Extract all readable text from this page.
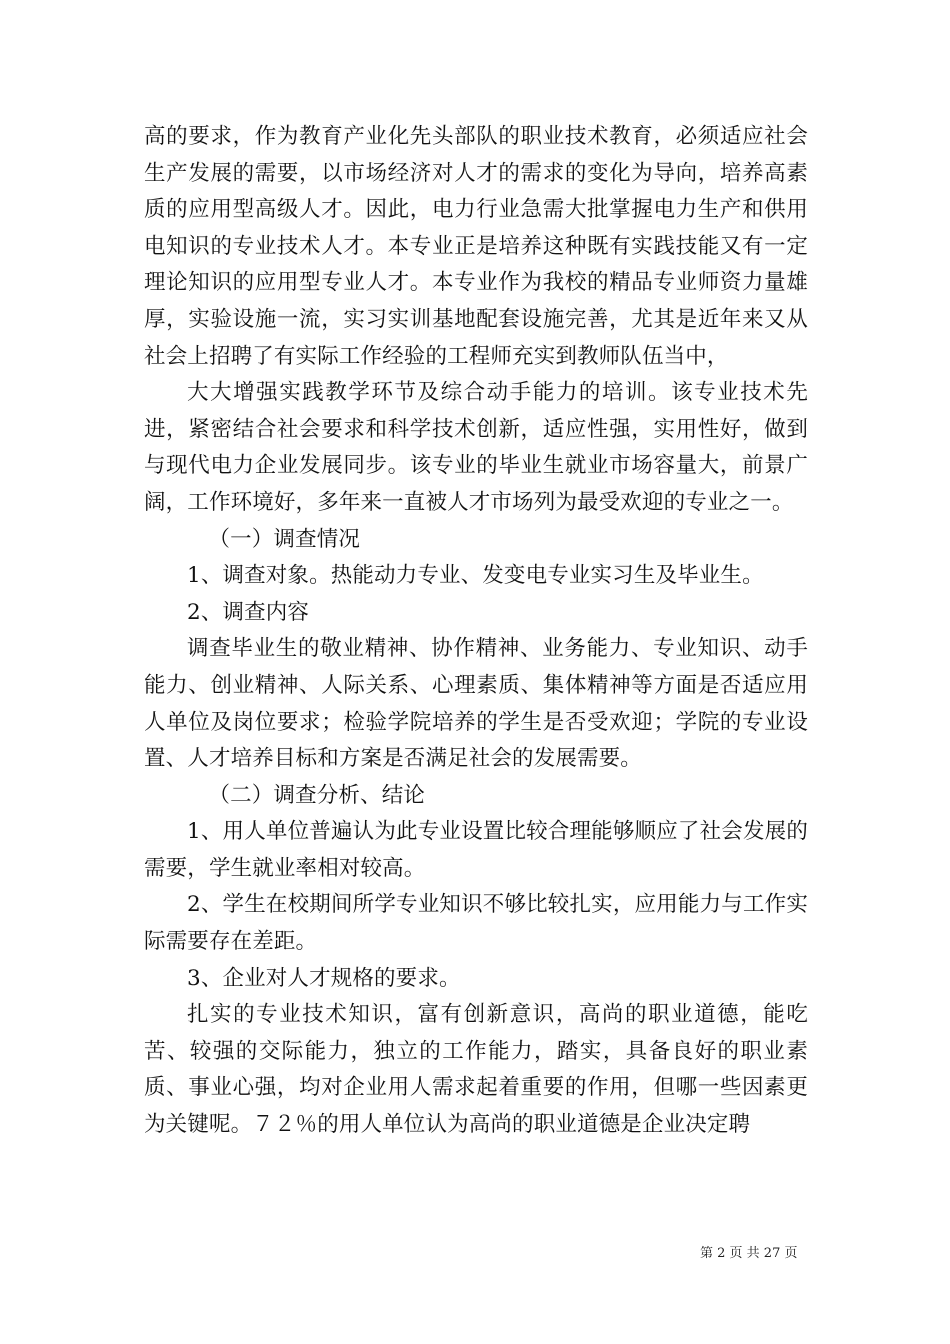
高的要求，作为教育产业化先头部队的职业技术教育，必须适应社会生产发展的需要，以市场经济对人才的需求的变化为导向，培养高素质的应用型高级人才。因此，电力行业急需大批掌握电力生产和供用电知识的专业技术人才。本专业正是培养这种既有实践技能又有一定理论知识的应用型专业人才。本专业作为我校的精品专业师资力量雄厚，实验设施一流，实习实训基地配套设施完善，尤其是近年来又从社会上招聘了有实际工作经验的工程师充实到教师队伍当中，

大大增强实践教学环节及综合动手能力的培训。该专业技术先进，紧密结合社会要求和科学技术创新，适应性强，实用性好，做到与现代电力企业发展同步。该专业的毕业生就业市场容量大，前景广阔，工作环境好，多年来一直被人才市场列为最受欢迎的专业之一。

（一）调查情况

1、调查对象。热能动力专业、发变电专业实习生及毕业生。

2、调查内容

调查毕业生的敬业精神、协作精神、业务能力、专业知识、动手能力、创业精神、人际关系、心理素质、集体精神等方面是否适应用人单位及岗位要求；检验学院培养的学生是否受欢迎；学院的专业设置、人才培养目标和方案是否满足社会的发展需要。

（二）调查分析、结论

1、用人单位普遍认为此专业设置比较合理能够顺应了社会发展的需要，学生就业率相对较高。

2、学生在校期间所学专业知识不够比较扎实，应用能力与工作实际需要存在差距。

3、企业对人才规格的要求。

扎实的专业技术知识，富有创新意识，高尚的职业道德，能吃苦、较强的交际能力，独立的工作能力，踏实，具备良好的职业素质、事业心强，均对企业用人需求起着重要的作用，但哪一些因素更为关键呢。７２％的用人单位认为高尚的职业道德是企业决定聘

第 2 页 共 27 页
